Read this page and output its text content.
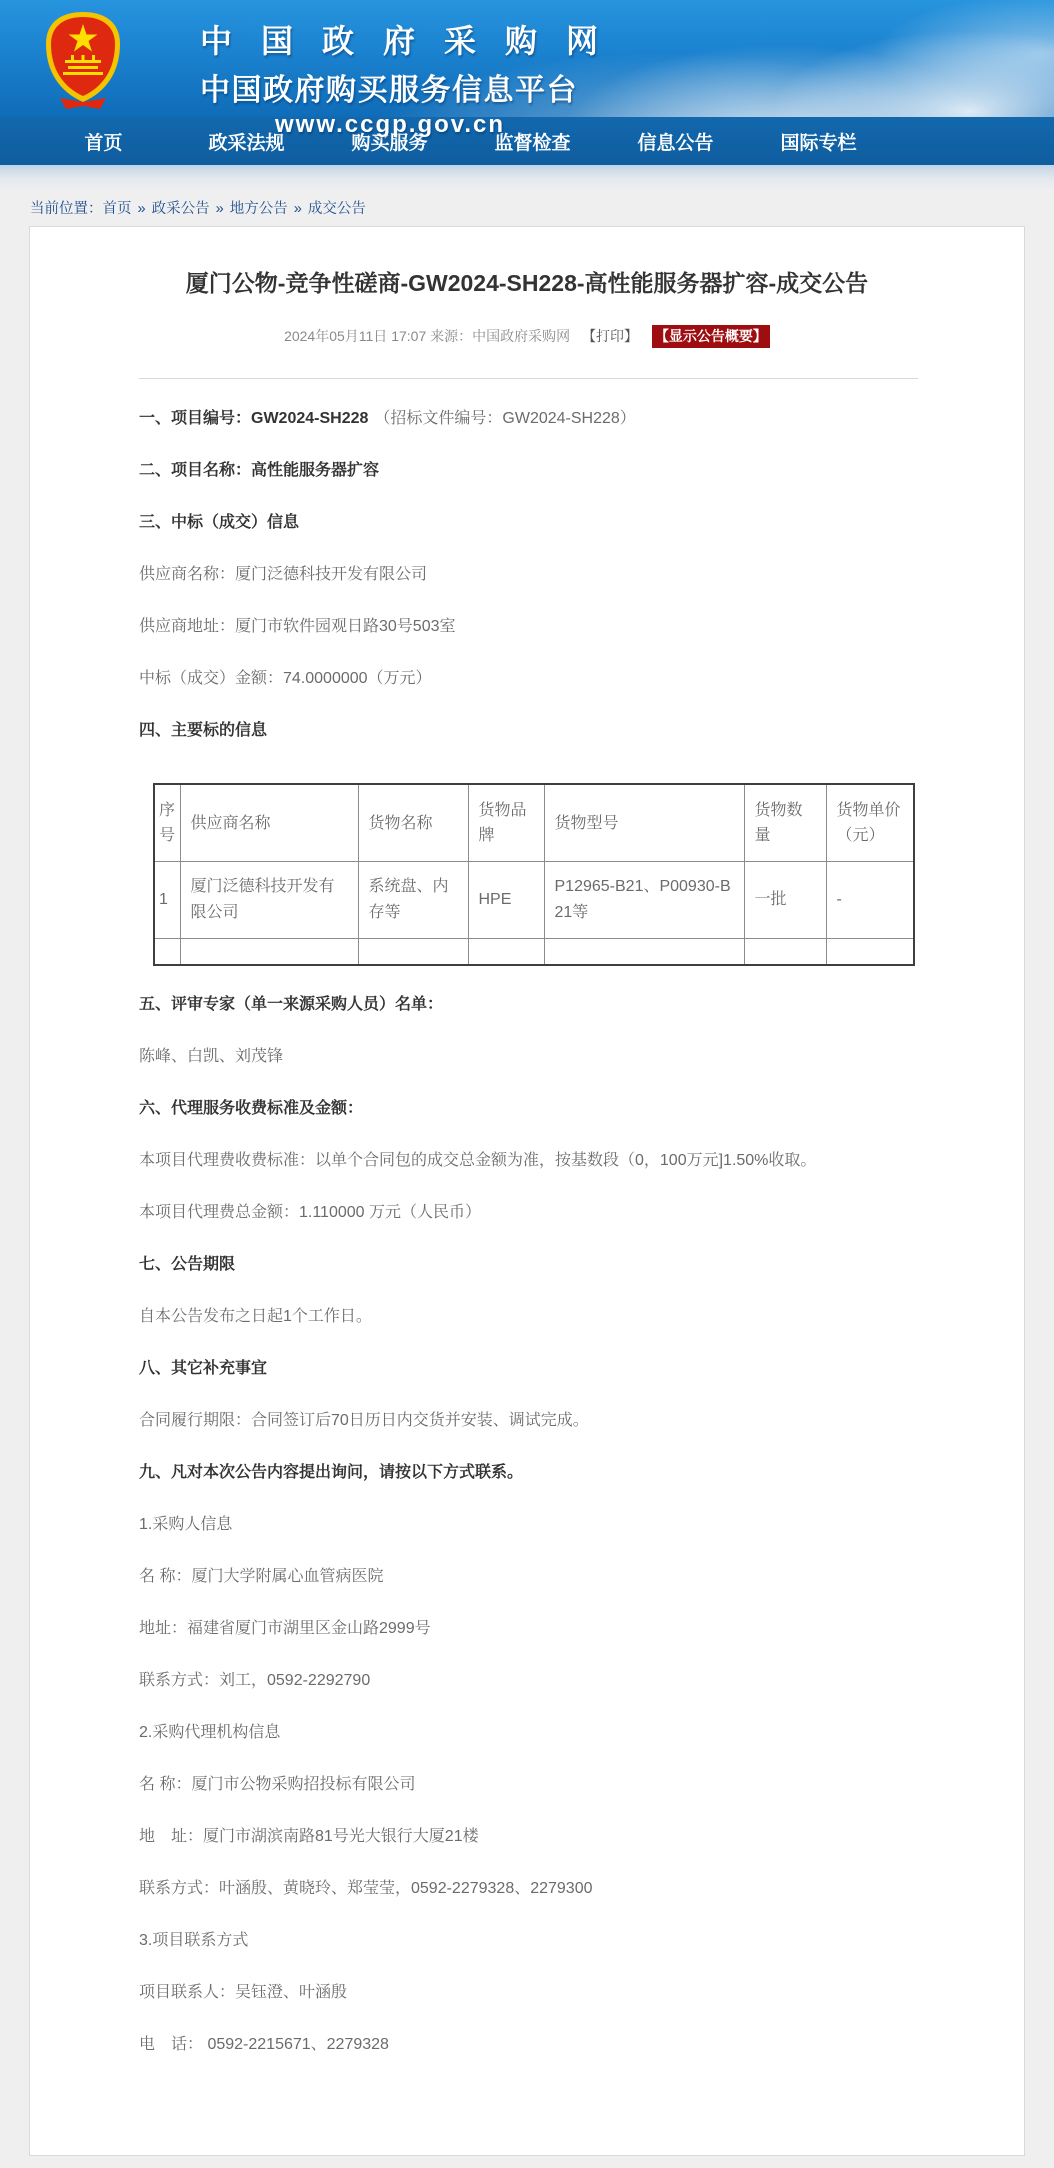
中国政府采购网
中国政府购买服务信息平台
www.ccgp.gov.cn
首页	政采法规	购买服务	监督检查	信息公告	国际专栏
当前位置：首页 » 政采公告 » 地方公告 » 成交公告
厦门公物-竞争性磋商-GW2024-SH228-高性能服务器扩容-成交公告
2024年05月11日 17:07 来源：中国政府采购网 【打印】 【显示公告概要】

一、项目编号：GW2024-SH228 （招标文件编号：GW2024-SH228）

二、项目名称：高性能服务器扩容

三、中标（成交）信息

供应商名称：厦门泛德科技开发有限公司

供应商地址：厦门市软件园观日路30号503室

中标（成交）金额：74.0000000（万元）

四、主要标的信息

序号	供应商名称	货物名称	货物品牌	货物型号	货物数量	货物单价（元）
1	厦门泛德科技开发有限公司	系统盘、内存等	HPE	P12965-B21、P00930-B21等	一批	-

五、评审专家（单一来源采购人员）名单：

陈峰、白凯、刘茂锋

六、代理服务收费标准及金额：

本项目代理费收费标准：以单个合同包的成交总金额为准，按基数段（0，100万元]1.50%收取。

本项目代理费总金额：1.110000 万元（人民币）

七、公告期限

自本公告发布之日起1个工作日。

八、其它补充事宜

合同履行期限：合同签订后70日历日内交货并安装、调试完成。

九、凡对本次公告内容提出询问，请按以下方式联系。

1.采购人信息

名 称：厦门大学附属心血管病医院

地址：福建省厦门市湖里区金山路2999号

联系方式：刘工，0592-2292790

2.采购代理机构信息

名 称：厦门市公物采购招投标有限公司

地　址：厦门市湖滨南路81号光大银行大厦21楼

联系方式：叶涵殷、黄晓玲、郑莹莹，0592-2279328、2279300

3.项目联系方式

项目联系人：吴钰澄、叶涵殷

电　话： 0592-2215671、2279328
